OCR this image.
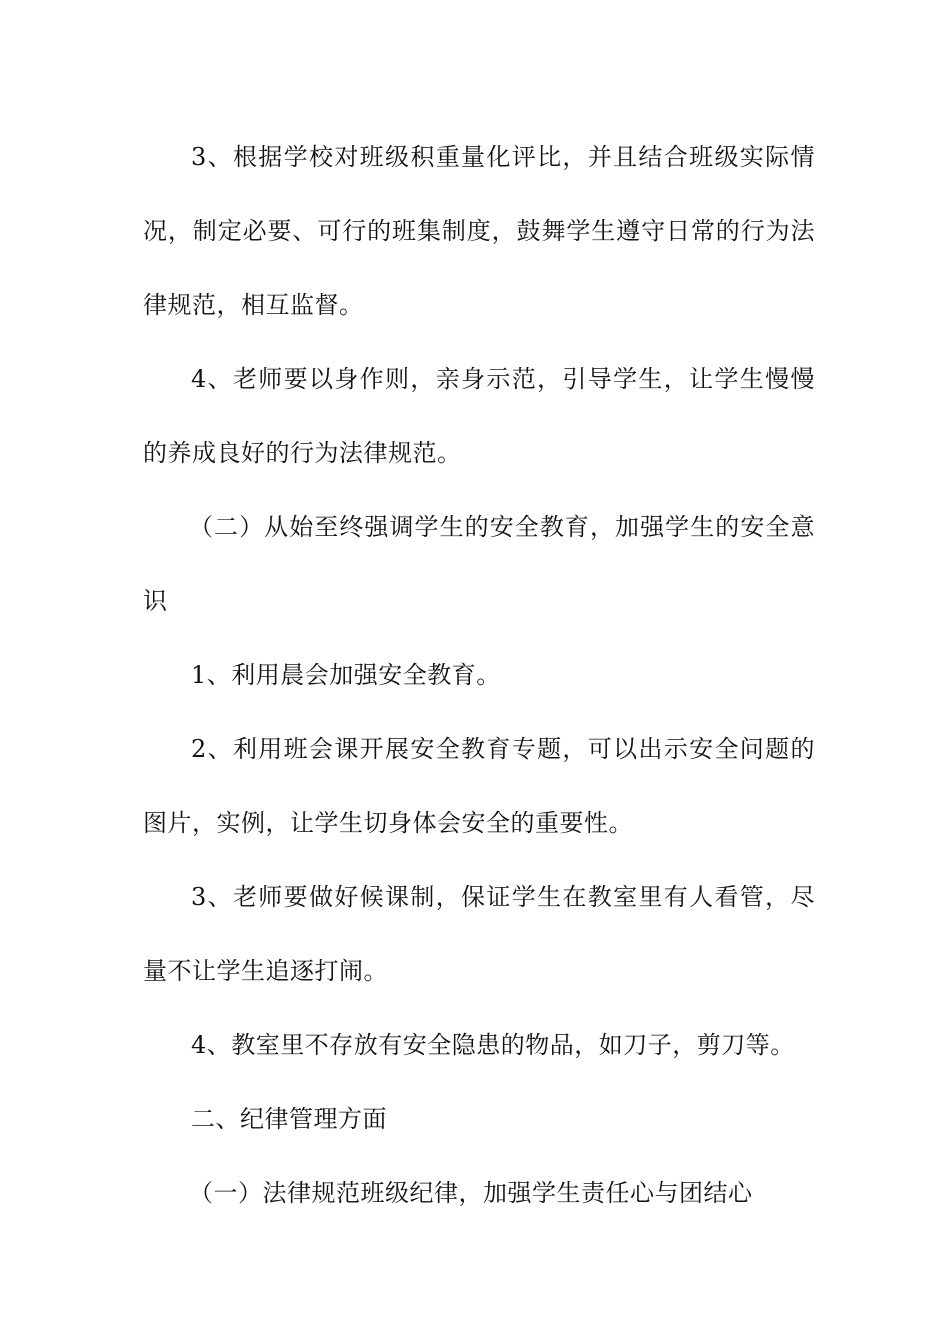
3、根据学校对班级积重量化评比，并且结合班级实际情况，制定必要、可行的班集制度，鼓舞学生遵守日常的行为法律规范，相互监督。

4、老师要以身作则，亲身示范，引导学生，让学生慢慢的养成良好的行为法律规范。

（二）从始至终强调学生的安全教育，加强学生的安全意识

1、利用晨会加强安全教育。

2、利用班会课开展安全教育专题，可以出示安全问题的图片，实例，让学生切身体会安全的重要性。

3、老师要做好候课制，保证学生在教室里有人看管，尽量不让学生追逐打闹。

4、教室里不存放有安全隐患的物品，如刀子，剪刀等。

二、纪律管理方面

（一）法律规范班级纪律，加强学生责任心与团结心
